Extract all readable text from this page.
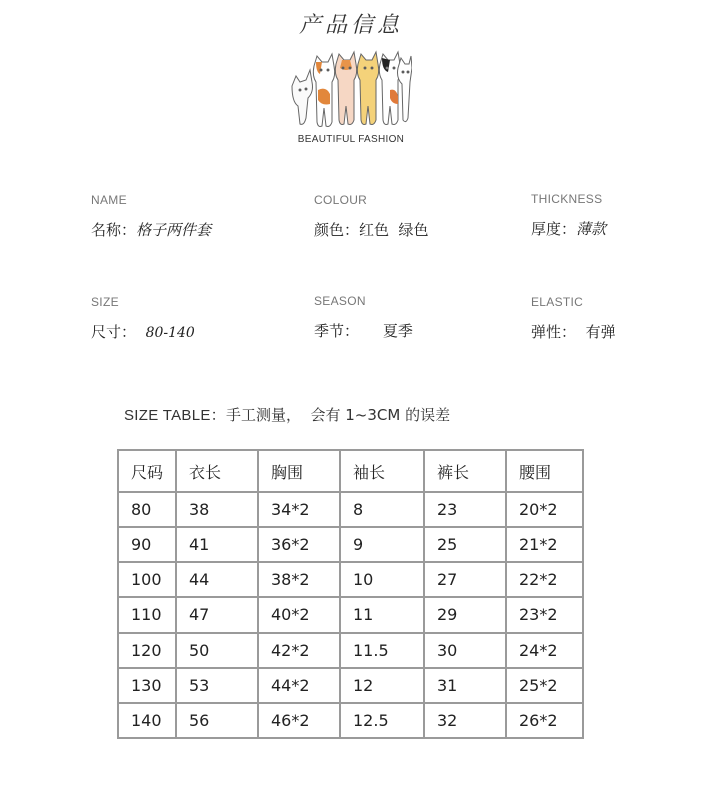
产品信息
BEAUTIFUL FASHION
NAME
名称：格子两件套
COLOUR
颜色：红色  绿色
THICKNESS
厚度：薄款
SIZE
尺寸： 80-140
SEASON
季节： 夏季
ELASTIC
弹性： 有弹
SIZE TABLE：手工测量，  会有 1~3CM 的误差
尺码	衣长	胸围	袖长	裤长	腰围
80	38	34*2	8	23	20*2
90	41	36*2	9	25	21*2
100	44	38*2	10	27	22*2
110	47	40*2	11	29	23*2
120	50	42*2	11.5	30	24*2
130	53	44*2	12	31	25*2
140	56	46*2	12.5	32	26*2
